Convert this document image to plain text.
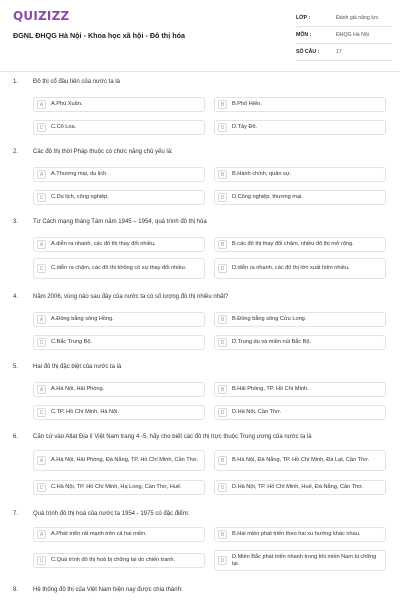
QUIZIZZ
ĐGNL ĐHQG Hà Nội - Khoa học xã hội - Đô thị hóa
LỚP :	Đánh giá năng lực
MÔN :	ĐHQG Hà Nội
SỐ CÂU :	17
1. Đô thị cổ đầu tiên của nước ta là
A	A.Phú Xuân.	B	B.Phố Hiến.
C	C.Cổ Loa.	D	D.Tây Đô.
2. Các đô thị thời Pháp thuộc có chức năng chủ yếu là:
A	A.Thương mại, du lịch.	B	B.Hành chính, quân sự.
C	C.Du lịch, công nghiệp.	D	D.Công nghiệp, thương mại.
3. Từ Cách mạng tháng Tám năm 1945 – 1954, quá trình đô thị hóa
A	A.diễn ra nhanh, các đô thị thay đổi nhiều.	B	B.các đô thị thay đổi chậm, nhiều đô thị mở rộng.
C	C.diễn ra chậm, các đô thị không có sự thay đổi nhiều.	D	D.diễn ra nhanh, các đô thị lớn xuất hiện nhiều.
4. Năm 2006, vùng nào sau đây của nước ta có số lượng đô thị nhiều nhất?
A	A.Đồng bằng sông Hồng.	B	B.Đồng bằng sông Cửu Long.
C	C.Bắc Trung Bộ.	D	D.Trung du và miền núi Bắc Bộ.
5. Hai đô thị đặc biệt của nước ta là
A	A.Hà Nội, Hải Phòng.	B	B.Hải Phòng, TP. Hồ Chí Minh.
C	C.TP. Hồ Chí Minh, Hà Nội.	D	D.Hà Nội, Cần Thơ.
6. Căn cứ vào Atlat Địa lí Việt Nam trang 4 -5, hãy cho biết các đô thị trực thuộc Trung ương của nước ta là
A	A.Hà Nội, Hải Phòng, Đà Nẵng, TP. Hồ Chí Minh, Cần Thơ.	B	B.Hà Nội, Đà Nẵng, TP. Hồ Chí Minh, Đà Lạt, Cần Thơ.
C	C.Hà Nội, TP. Hồ Chí Minh, Hạ Long, Cần Thơ, Huế.	D	D.Hà Nội, TP. Hồ Chí Minh, Huế, Đà Nẵng, Cần Thơ.
7. Quá trình đô thị hoá của nước ta 1954 - 1975 có đặc điểm:
A	A.Phát triển rất mạnh trên cả hai miền.	B	B.Hai miền phát triển theo hai xu hướng khác nhau.
C	C.Quá trình đô thị hoá bị chững lại do chiến tranh.	D
D.Miền Bắc phát triển nhanh trong khi miền Nam bị chững lại.
8. Hệ thống đô thị của Việt Nam hiện nay được chia thành:
